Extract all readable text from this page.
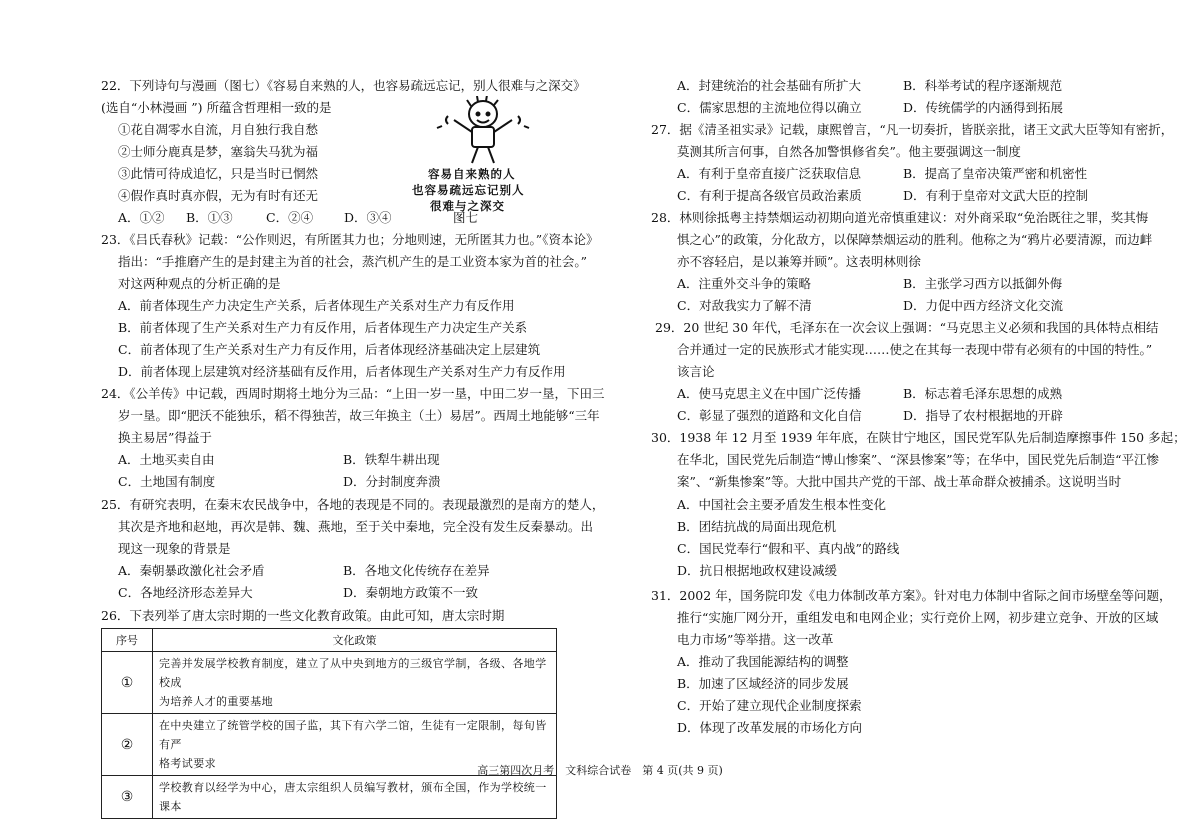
22．下列诗句与漫画（图七）《容易自来熟的人，也容易疏远忘记，别人很难与之深交》
(选自“小林漫画 ”) 所蕴含哲理相一致的是
①花自凋零水自流，月自独行我自愁
②士师分鹿真是梦，塞翁失马犹为福
③此情可待成追忆，只是当时已惘然
④假作真时真亦假，无为有时有还无
A．①② B．①③	C．②④ D．③④	图七
容易自来熟的人
也容易疏远忘记别人
很难与之深交
23．《吕氏春秋》记载：“公作则迟，有所匿其力也；分地则速，无所匿其力也。”《资本论》
指出：“手推磨产生的是封建主为首的社会，蒸汽机产生的是工业资本家为首的社会。”
对这两种观点的分析正确的是
A．前者体现生产力决定生产关系，后者体现生产关系对生产力有反作用
B．前者体现了生产关系对生产力有反作用，后者体现生产力决定生产关系
C．前者体现了生产关系对生产力有反作用，后者体现经济基础决定上层建筑
D．前者体现上层建筑对经济基础有反作用，后者体现生产关系对生产力有反作用
24．《公羊传》中记载，西周时期将土地分为三品：“上田一岁一垦，中田二岁一垦，下田三
岁一垦。即“肥沃不能独乐，稻不得独苦，故三年换主（土）易居”。西周土地能够“三年
换主易居”得益于
A．土地买卖自由	B．铁犁牛耕出现
C．土地国有制度	D．分封制度奔溃
25．有研究表明，在秦末农民战争中，各地的表现是不同的。表现最激烈的是南方的楚人，
其次是齐地和赵地，再次是韩、魏、燕地，至于关中秦地，完全没有发生反秦暴动。出
现这一现象的背景是
A．秦朝暴政激化社会矛盾	B．各地文化传统存在差异
C．各地经济形态差异大	D．秦朝地方政策不一致
26．下表列举了唐太宗时期的一些文化教育政策。由此可知，唐太宗时期
序号	文化政策
①	完善并发展学校教育制度，建立了从中央到地方的三级官学制，各级、各地学校成
为培养人才的重要基地

②	在中央建立了统管学校的国子监，其下有六学二馆，生徒有一定限制，每旬皆有严
格考试要求

③	学校教育以经学为中心，唐太宗组织人员编写教材，颁布全国，作为学校统一课本
A．封建统治的社会基础有所扩大	B．科举考试的程序逐渐规范
C．儒家思想的主流地位得以确立	D．传统儒学的内涵得到拓展
27．据《清圣祖实录》记载，康熙曾言，“凡一切奏折，皆朕亲批，诸王文武大臣等知有密折，
莫测其所言何事，自然各加警惧修省矣”。他主要强调这一制度
A．有利于皇帝直接广泛获取信息	B．提高了皇帝决策严密和机密性
C．有利于提高各级官员政治素质	D．有利于皇帝对文武大臣的控制
28．林则徐抵粤主持禁烟运动初期向道光帝慎重建议：对外商采取“免治既往之罪，奖其悔
惧之心”的政策，分化敌方，以保障禁烟运动的胜利。他称之为“鸦片必要清源，而边衅
亦不容轻启，是以兼筹并顾”。这表明林则徐
A．注重外交斗争的策略	B．主张学习西方以抵御外侮
C．对敌我实力了解不清	D．力促中西方经济文化交流
29．20 世纪 30 年代，毛泽东在一次会议上强调：“马克思主义必须和我国的具体特点相结
合并通过一定的民族形式才能实现……使之在其每一表现中带有必须有的中国的特性。”
该言论
A．使马克思主义在中国广泛传播	B．标志着毛泽东思想的成熟
C．彰显了强烈的道路和文化自信	D．指导了农村根据地的开辟
30．1938 年 12 月至 1939 年年底，在陕甘宁地区，国民党军队先后制造摩擦事件 150 多起；
在华北，国民党先后制造“博山惨案”、“深县惨案”等；在华中，国民党先后制造“平江惨
案”、“新集惨案”等。大批中国共产党的干部、战士革命群众被捕杀。这说明当时
A．中国社会主要矛盾发生根本性变化
B．团结抗战的局面出现危机
C．国民党奉行“假和平、真内战”的路线
D．抗日根据地政权建设减缓
31．2002 年，国务院印发《电力体制改革方案》。针对电力体制中省际之间市场壁垒等问题，
推行“实施厂网分开，重组发电和电网企业；实行竞价上网，初步建立竞争、开放的区域
电力市场”等举措。这一改革
A．推动了我国能源结构的调整
B．加速了区域经济的同步发展
C．开始了建立现代企业制度探索
D．体现了改革发展的市场化方向
高三第四次月考　文科综合试卷　第 4 页(共 9 页)
